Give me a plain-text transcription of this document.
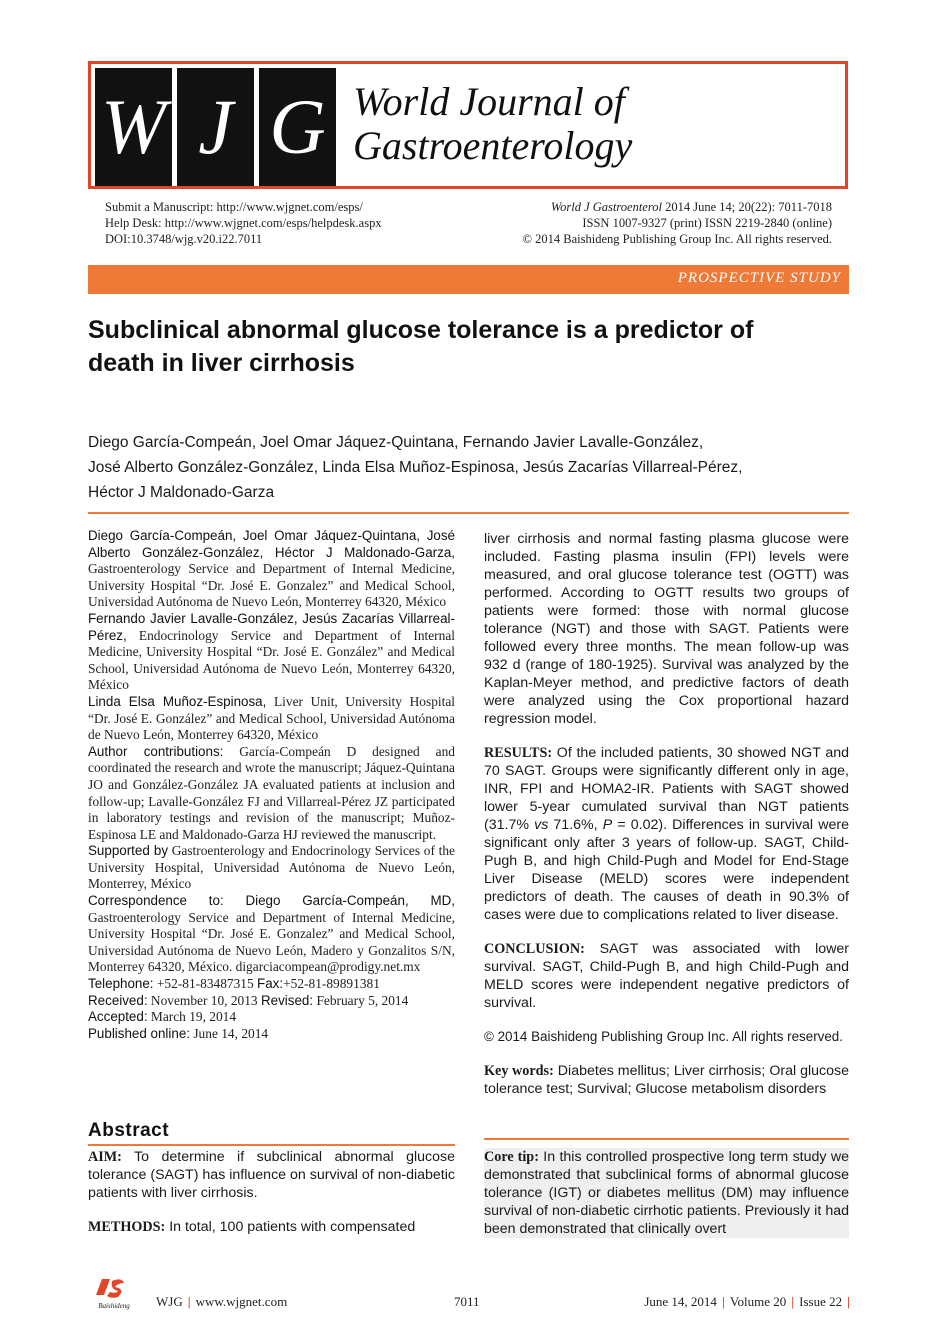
W J G World Journal of
Gastroenterology
Submit a Manuscript: http://www.wjgnet.com/esps/
Help Desk: http://www.wjgnet.com/esps/helpdesk.aspx
DOI:10.3748/wjg.v20.i22.7011
World J Gastroenterol 2014 June 14; 20(22): 7011-7018
ISSN 1007-9327 (print) ISSN 2219-2840 (online)
© 2014 Baishideng Publishing Group Inc. All rights reserved.
PROSPECTIVE STUDY
Subclinical abnormal glucose tolerance is a predictor of
death in liver cirrhosis
Diego García-Compeán, Joel Omar Jáquez-Quintana, Fernando Javier Lavalle-González,
José Alberto González-González, Linda Elsa Muñoz-Espinosa, Jesús Zacarías Villarreal-Pérez,
Héctor J Maldonado-Garza

Diego García-Compeán, Joel Omar Jáquez-Quintana, José Alberto González-González, Héctor J Maldonado-Garza, Gastroenterology Service and Department of Internal Medicine, University Hospital “Dr. José E. Gonzalez” and Medical School, Universidad Autónoma de Nuevo León, Monterrey 64320, México

Fernando Javier Lavalle-González, Jesús Zacarías Villarreal-Pérez, Endocrinology Service and Department of Internal Medicine, University Hospital “Dr. José E. González” and Medical School, Universidad Autónoma de Nuevo León, Monterrey 64320, México

Linda Elsa Muñoz-Espinosa, Liver Unit, University Hospital “Dr. José E. González” and Medical School, Universidad Autónoma de Nuevo León, Monterrey 64320, México

Author contributions: García-Compeán D designed and coordinated the research and wrote the manuscript; Jáquez-Quintana JO and González-González JA evaluated patients at inclusion and follow-up; Lavalle-González FJ and Villarreal-Pérez JZ participated in laboratory testings and revision of the manuscript; Muñoz-Espinosa LE and Maldonado-Garza HJ reviewed the manuscript.

Supported by Gastroenterology and Endocrinology Services of the University Hospital, Universidad Autónoma de Nuevo León, Monterrey, México

Correspondence to: Diego García-Compeán, MD, Gastroenterology Service and Department of Internal Medicine, University Hospital “Dr. José E. Gonzalez” and Medical School, Universidad Autónoma de Nuevo León, Madero y Gonzalitos S/N, Monterrey 64320, México. digarciacompean@prodigy.net.mx

Telephone: +52-81-83487315 Fax:+52-81-89891381

Received: November 10, 2013 Revised: February 5, 2014

Accepted: March 19, 2014

Published online: June 14, 2014

Abstract

AIM: To determine if subclinical abnormal glucose tolerance (SAGT) has influence on survival of non-diabetic patients with liver cirrhosis.

METHODS: In total, 100 patients with compensated

liver cirrhosis and normal fasting plasma glucose were included. Fasting plasma insulin (FPI) levels were measured, and oral glucose tolerance test (OGTT) was performed. According to OGTT results two groups of patients were formed: those with normal glucose tolerance (NGT) and those with SAGT. Patients were followed every three months. The mean follow-up was 932 d (range of 180-1925). Survival was analyzed by the Kaplan-Meyer method, and predictive factors of death were analyzed using the Cox proportional hazard regression model.

RESULTS: Of the included patients, 30 showed NGT and 70 SAGT. Groups were significantly different only in age, INR, FPI and HOMA2-IR. Patients with SAGT showed lower 5-year cumulated survival than NGT patients (31.7% vs 71.6%, P = 0.02). Differences in survival were significant only after 3 years of follow-up. SAGT, Child-Pugh B, and high Child-Pugh and Model for End-Stage Liver Disease (MELD) scores were independent predictors of death. The causes of death in 90.3% of cases were due to complications related to liver disease.

CONCLUSION: SAGT was associated with lower survival. SAGT, Child-Pugh B, and high Child-Pugh and MELD scores were independent negative predictors of survival.

© 2014 Baishideng Publishing Group Inc. All rights reserved.

Key words: Diabetes mellitus; Liver cirrhosis; Oral glucose tolerance test; Survival; Glucose metabolism disorders

Core tip: In this controlled prospective long term study we demonstrated that subclinical forms of abnormal glucose tolerance (IGT) or diabetes mellitus (DM) may influence survival of non-diabetic cirrhotic patients. Previously it had been demonstrated that clinically overt
Baishideng WJG | www.wjgnet.com	7011	June 14, 2014 | Volume 20 | Issue 22 |
